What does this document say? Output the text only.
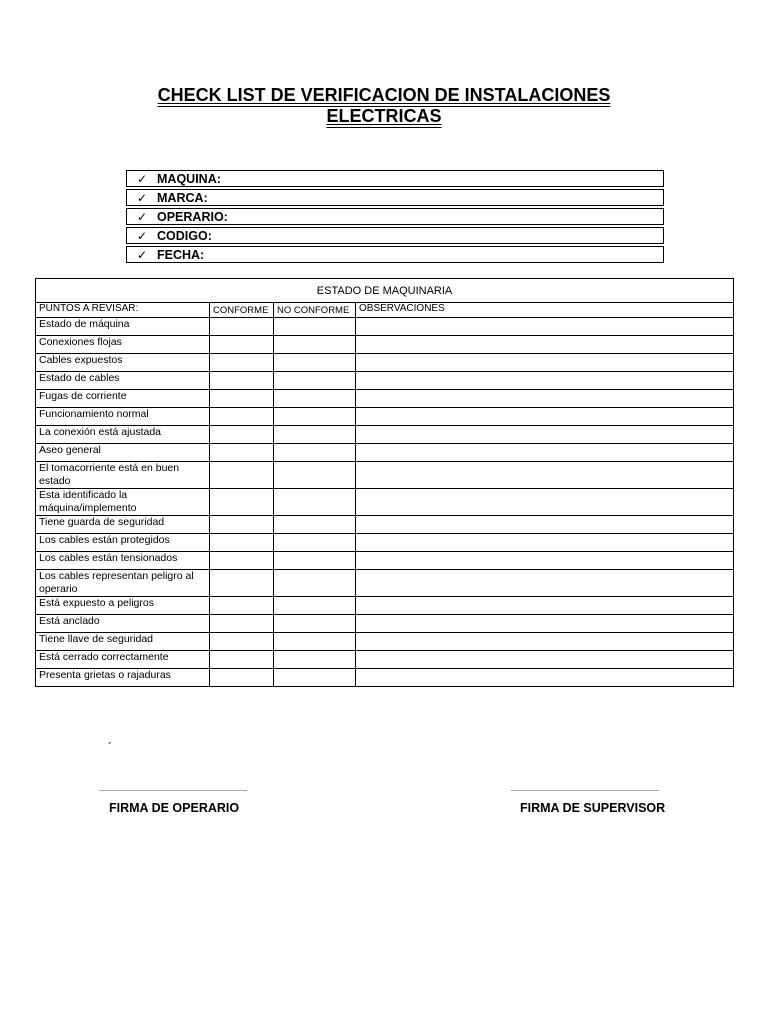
CHECK LIST DE VERIFICACION DE INSTALACIONES
ELECTRICAS
✓ MAQUINA:
✓ MARCA:
✓ OPERARIO:
✓ CODIGO:
✓ FECHA:
ESTADO DE MAQUINARIA			
PUNTOS A REVISAR:	CONFORME	NO CONFORME	OBSERVACIONES
Estado de máquina			
Conexiones flojas			
Cables expuestos			
Estado de cables			
Fugas de corriente			
Funcionamiento normal			
La conexión está ajustada			
Aseo general			
El tomacorriente está en buen estado			
Esta identificado la máquina/implemento			
Tiene guarda de seguridad			
Los cables están protegidos			
Los cables están tensionados			
Los cables representan peligro al operario			
Está expuesto a peligros			
Está anclado			
Tiene llave de seguridad			
Está cerrado correctamente			
Presenta grietas o rajaduras			
´
FIRMA DE OPERARIO	FIRMA DE SUPERVISOR
